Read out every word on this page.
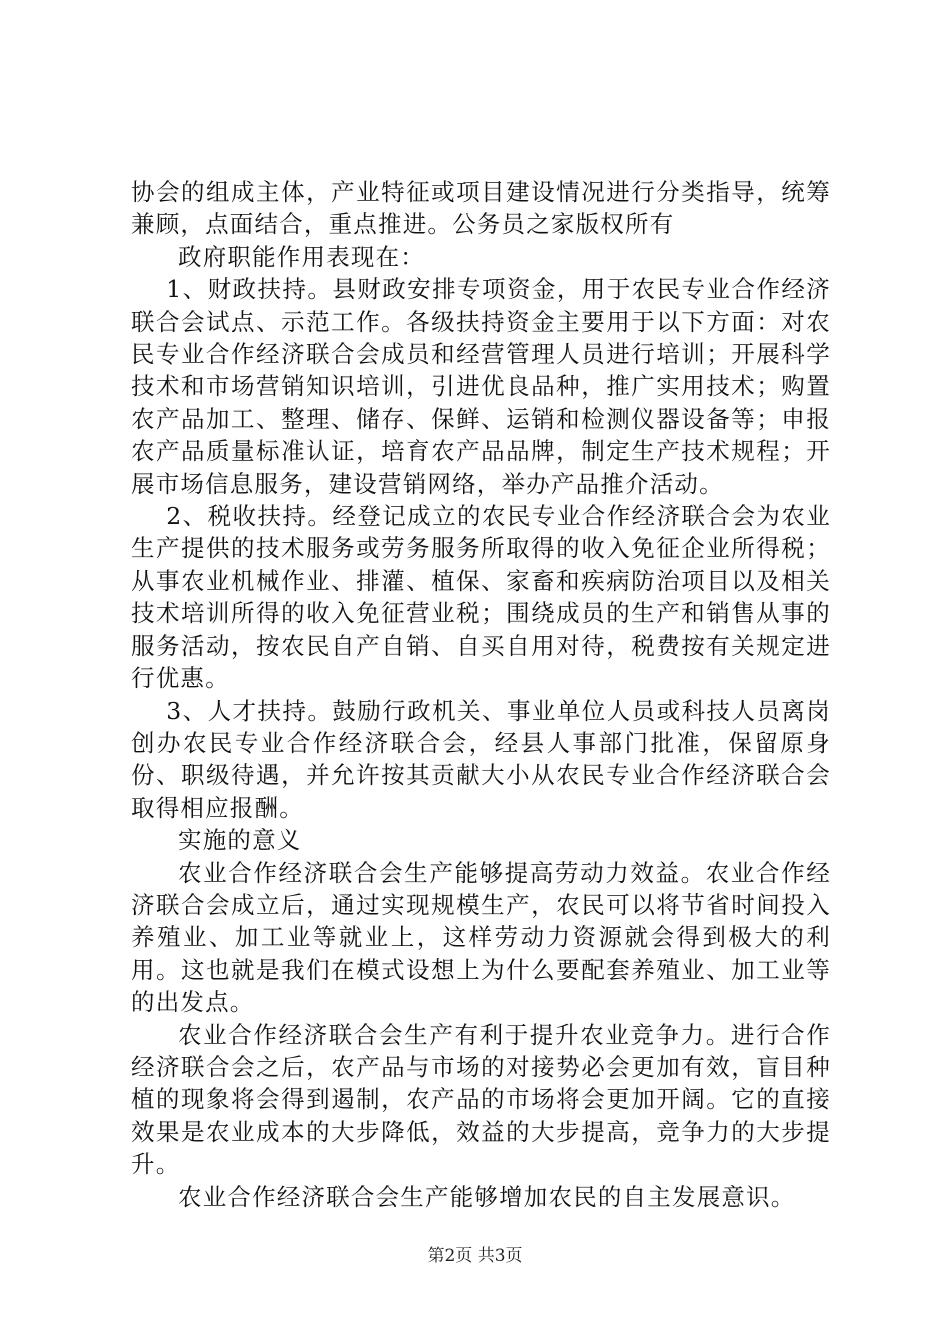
协会的组成主体，产业特征或项目建设情况进行分类指导，统筹兼顾，点面结合，重点推进。公务员之家版权所有

政府职能作用表现在：

1、财政扶持。县财政安排专项资金，用于农民专业合作经济联合会试点、示范工作。各级扶持资金主要用于以下方面：对农民专业合作经济联合会成员和经营管理人员进行培训；开展科学技术和市场营销知识培训，引进优良品种，推广实用技术；购置农产品加工、整理、储存、保鲜、运销和检测仪器设备等；申报农产品质量标准认证，培育农产品品牌，制定生产技术规程；开展市场信息服务，建设营销网络，举办产品推介活动。

2、税收扶持。经登记成立的农民专业合作经济联合会为农业生产提供的技术服务或劳务服务所取得的收入免征企业所得税；从事农业机械作业、排灌、植保、家畜和疾病防治项目以及相关技术培训所得的收入免征营业税；围绕成员的生产和销售从事的服务活动，按农民自产自销、自买自用对待，税费按有关规定进行优惠。

3、人才扶持。鼓励行政机关、事业单位人员或科技人员离岗创办农民专业合作经济联合会，经县人事部门批准，保留原身份、职级待遇，并允许按其贡献大小从农民专业合作经济联合会取得相应报酬。

实施的意义

农业合作经济联合会生产能够提高劳动力效益。农业合作经济联合会成立后，通过实现规模生产，农民可以将节省时间投入养殖业、加工业等就业上，这样劳动力资源就会得到极大的利用。这也就是我们在模式设想上为什么要配套养殖业、加工业等的出发点。

农业合作经济联合会生产有利于提升农业竞争力。进行合作经济联合会之后，农产品与市场的对接势必会更加有效，盲目种植的现象将会得到遏制，农产品的市场将会更加开阔。它的直接效果是农业成本的大步降低，效益的大步提高，竞争力的大步提升。

农业合作经济联合会生产能够增加农民的自主发展意识。

第2页 共3页
